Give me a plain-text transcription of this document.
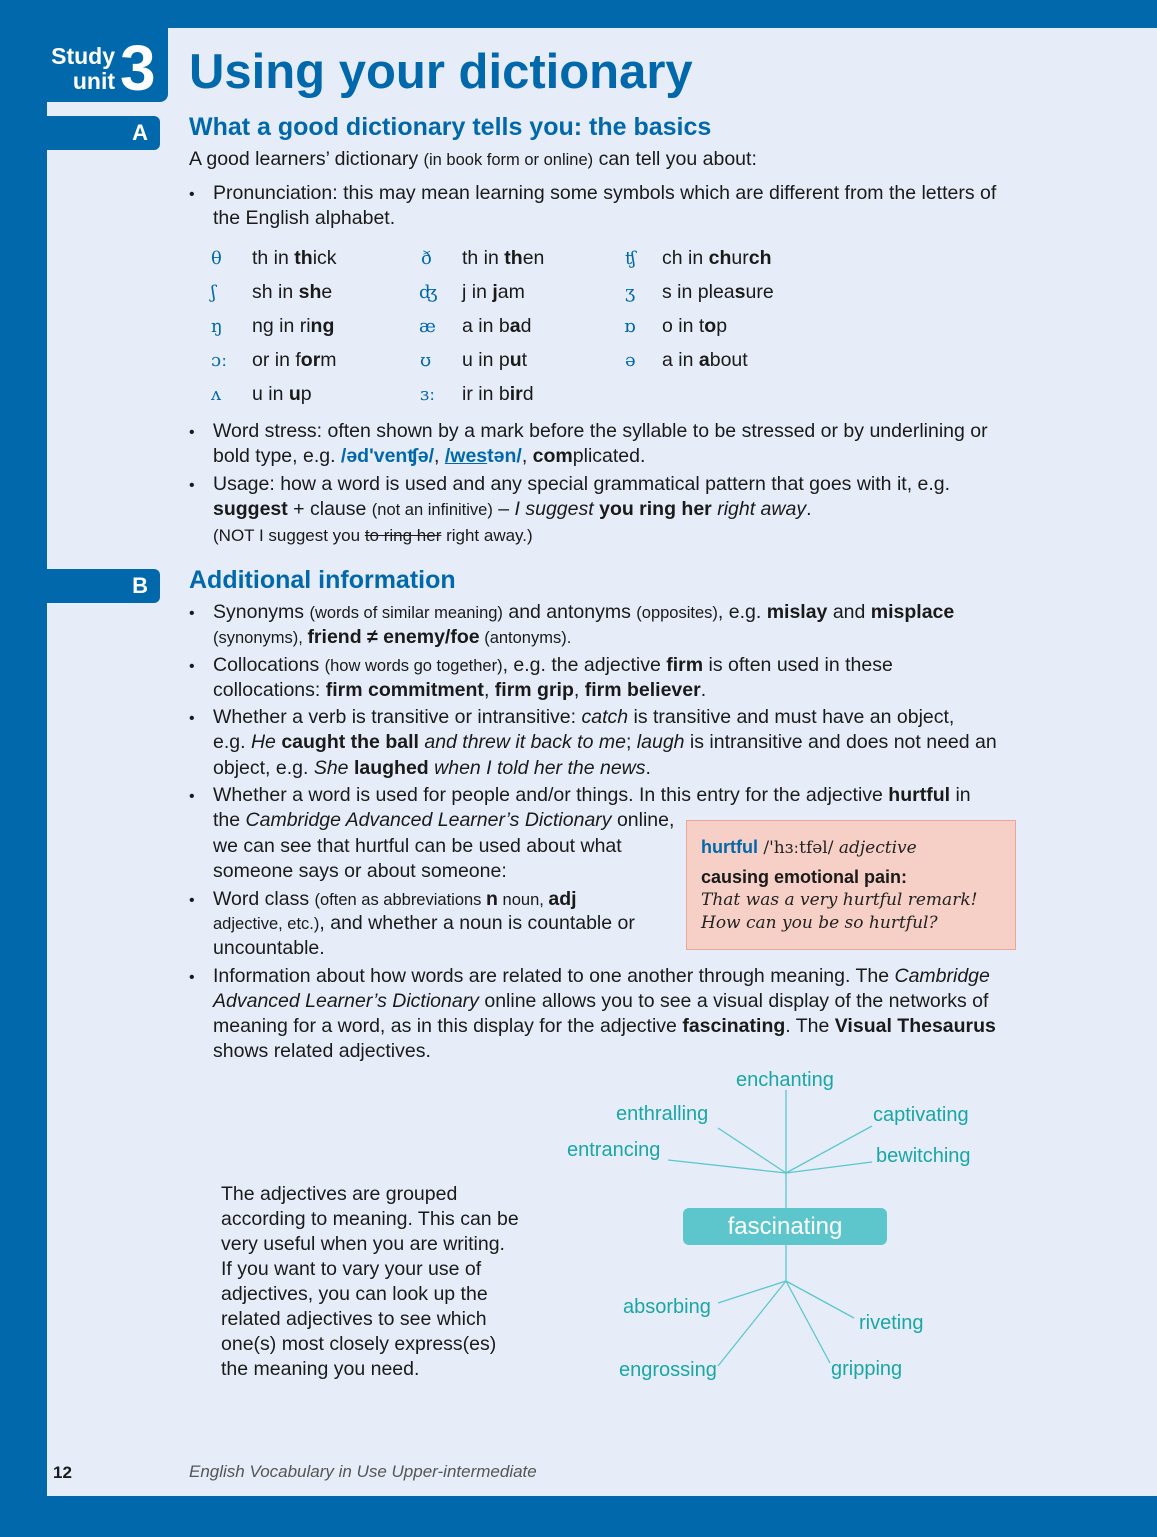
Study
unit 3 Using your dictionary
A	What a good dictionary tells you: the basics
A good learners’ dictionary (in book form or online) can tell you about:
• Pronunciation: this may mean learning some symbols which are different from the letters of
the English alphabet.
θ th in thick	ð th in then	ʧ ch in church
ʃ sh in she	ʤ j in jam	ʒ s in pleasure
ŋ ng in ring	æ a in bad	ɒ o in top
ɔː or in form	ʊ u in put	ə a in about
ʌ u in up	ɜː ir in bird
• Word stress: often shown by a mark before the syllable to be stressed or by underlining or
bold type, e.g. /əd'venʧə/, /westən/, complicated.
• Usage: how a word is used and any special grammatical pattern that goes with it, e.g.
suggest + clause (not an infinitive) – I suggest you ring her right away.
(NOT I suggest you to ring her right away.)
B	Additional information
• Synonyms (words of similar meaning) and antonyms (opposites), e.g. mislay and misplace
(synonyms), friend ≠ enemy/foe (antonyms).
• Collocations (how words go together), e.g. the adjective firm is often used in these
collocations: firm commitment, firm grip, firm believer.
• Whether a verb is transitive or intransitive: catch is transitive and must have an object,
e.g. He caught the ball and threw it back to me; laugh is intransitive and does not need an
object, e.g. She laughed when I told her the news.
• Whether a word is used for people and/or things. In this entry for the adjective hurtful in
the Cambridge Advanced Learner’s Dictionary online,
we can see that hurtful can be used about what
someone says or about someone:
• Word class (often as abbreviations n noun, adj
adjective, etc.), and whether a noun is countable or
uncountable.
hurtful /'hɜːtfəl/ adjective
causing emotional pain:
That was a very hurtful remark!
How can you be so hurtful?
• Information about how words are related to one another through meaning. The Cambridge
Advanced Learner’s Dictionary online allows you to see a visual display of the networks of
meaning for a word, as in this display for the adjective fascinating. The Visual Thesaurus
shows related adjectives.
enchanting
enthralling	captivating
entrancing	bewitching
fascinating
absorbing
riveting
engrossing	gripping
The adjectives are grouped according to meaning. This can be very useful when you are writing. If you want to vary your use of adjectives, you can look up the related adjectives to see which one(s) most closely express(es) the meaning you need.
12	English Vocabulary in Use Upper-intermediate
